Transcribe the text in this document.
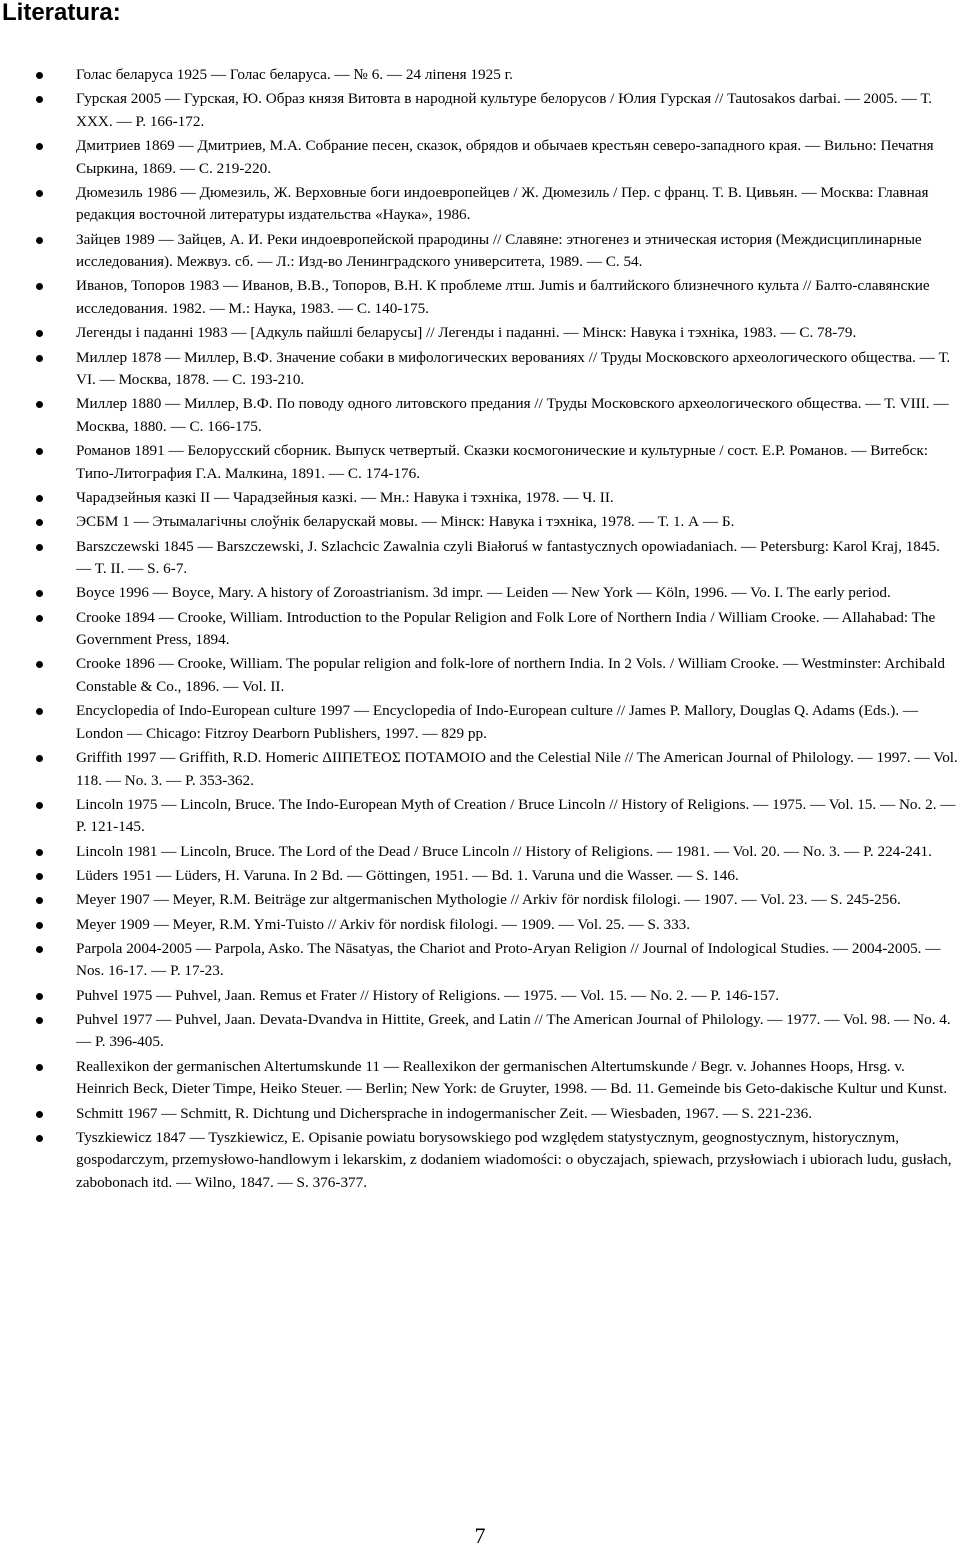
Literatura:
Голас беларуса 1925 — Голас беларуса. — № 6. — 24 ліпеня 1925 г.
Гурская 2005 — Гурская, Ю. Образ князя Витовта в народной культуре белорусов / Юлия Гурская // Tautosakos darbai. — 2005. — Т. XXX. — P. 166-172.
Дмитриев 1869 — Дмитриев, М.А. Собрание песен, сказок, обрядов и обычаев крестьян северо-западного края. — Вильно: Печатня Сыркина, 1869. — С. 219-220.
Дюмезиль 1986 — Дюмезиль, Ж. Верховные боги индоевропейцев / Ж. Дюмезиль / Пер. с франц. Т. В. Цивьян. — Москва: Главная редакция восточной литературы издательства «Наука», 1986.
Зайцев 1989 — Зайцев, А. И. Реки индоевропейской прародины // Славяне: этногенез и этническая история (Междисциплинарные исследования). Межвуз. сб. — Л.: Изд-во Ленинградского университета, 1989. — С. 54.
Иванов, Топоров 1983 — Иванов, В.В., Топоров, В.Н. К проблеме лтш. Jumis и балтийского близнечного культа // Балто-славянские исследования. 1982. — М.: Наука, 1983. — С. 140-175.
Легенды і паданні 1983 — [Адкуль пайшлі беларусы] // Легенды і паданні. — Мінск: Навука і тэхніка, 1983. — С. 78-79.
Миллер 1878 — Миллер, В.Ф. Значение собаки в мифологических верованиях // Труды Московского археологического общества. — Т. VI. — Москва, 1878. — С. 193-210.
Миллер 1880 — Миллер, В.Ф. По поводу одного литовского предания // Труды Московского археологического общества. — Т. VIII. — Москва, 1880. — С. 166-175.
Романов 1891 — Белорусский сборник. Выпуск четвертый. Сказки космогонические и культурные / сост. Е.Р. Романов. — Витебск: Типо-Литография Г.А. Малкина, 1891. — С. 174-176.
Чарадзейныя казкі II — Чарадзейныя казкі. — Мн.: Навука і тэхніка, 1978. — Ч. II.
ЭСБМ 1 — Этымалагічны слоўнік беларускай мовы. — Мінск: Навука і тэхніка, 1978. — Т. 1. А — Б.
Barszczewski 1845 — Barszczewski, J. Szlachcic Zawalnia czyli Białoruś w fantastycznych opowiadaniach. — Petersburg: Karol Kraj, 1845. — T. II. — S. 6-7.
Boyce 1996 — Boyce, Mary. A history of Zoroastrianism. 3d impr. — Leiden — New York — Köln, 1996. — Vo. I. The early period.
Crooke 1894 — Crooke, William. Introduction to the Popular Religion and Folk Lore of Northern India / William Crooke. — Allahabad: The Government Press, 1894.
Crooke 1896 — Crooke, William. The popular religion and folk-lore of northern India. In 2 Vols. / William Crooke. — Westminster: Archibald Constable & Co., 1896. — Vol. II.
Encyclopedia of Indo-European culture 1997 — Encyclopedia of Indo-European culture // James P. Mallory, Douglas Q. Adams (Eds.). — London — Chicago: Fitzroy Dearborn Publishers, 1997. — 829 pp.
Griffith 1997 — Griffith, R.D. Homeric ΔΙΙΠΕΤΕΟΣ ΠΟΤΑΜΟΙΟ and the Celestial Nile // The American Journal of Philology. — 1997. — Vol. 118. — No. 3. — P. 353-362.
Lincoln 1975 — Lincoln, Bruce. The Indo-European Myth of Creation / Bruce Lincoln // History of Religions. — 1975. — Vol. 15. — No. 2. — P. 121-145.
Lincoln 1981 — Lincoln, Bruce. The Lord of the Dead / Bruce Lincoln // History of Religions. — 1981. — Vol. 20. — No. 3. — P. 224-241.
Lüders 1951 — Lüders, H. Varuna. In 2 Bd. — Göttingen, 1951. — Bd. 1. Varuna und die Wasser. — S. 146.
Meyer 1907 — Meyer, R.M. Beiträge zur altgermanischen Mythologie // Arkiv för nordisk filologi. — 1907. — Vol. 23. — S. 245-256.
Meyer 1909 — Meyer, R.M. Ymi-Tuisto // Arkiv för nordisk filologi. — 1909. — Vol. 25. — S. 333.
Parpola 2004-2005 — Parpola, Asko. The Nāsatyas, the Chariot and Proto-Aryan Religion // Journal of Indological Studies. — 2004-2005. — Nos. 16-17. — P. 17-23.
Puhvel 1975 — Puhvel, Jaan. Remus et Frater // History of Religions. — 1975. — Vol. 15. — No. 2. — P. 146-157.
Puhvel 1977 — Puhvel, Jaan. Devata-Dvandva in Hittite, Greek, and Latin // The American Journal of Philology. — 1977. — Vol. 98. — No. 4. — P. 396-405.
Reallexikon der germanischen Altertumskunde 11 — Reallexikon der germanischen Altertumskunde / Begr. v. Johannes Hoops, Hrsg. v. Heinrich Beck, Dieter Timpe, Heiko Steuer. — Berlin; New York: de Gruyter, 1998. — Bd. 11. Gemeinde bis Geto-dakische Kultur und Kunst.
Schmitt 1967 — Schmitt, R. Dichtung und Dichersprache in indogermanischer Zeit. — Wiesbaden, 1967. — S. 221-236.
Tyszkiewicz 1847 — Tyszkiewicz, E. Opisanie powiatu borysowskiego pod względem statystycznym, geognostycznym, historycznym, gospodarczym, przemysłowo-handlowym i lekarskim, z dodaniem wiadomości: o obyczajach, spiewach, przysłowiach i ubiorach ludu, gusłach, zabobonach itd. — Wilno, 1847. — S. 376-377.
7
